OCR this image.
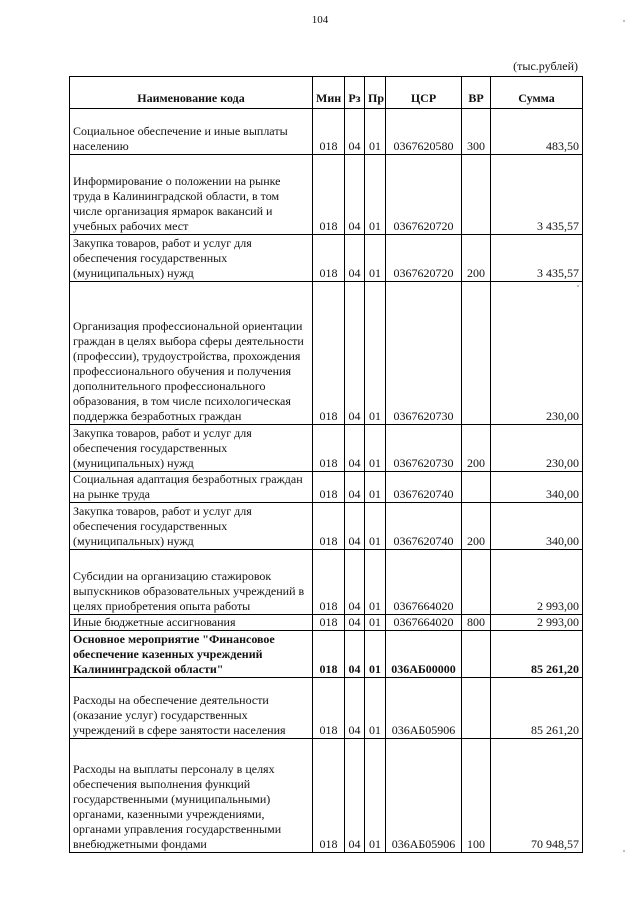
104
(тыс.рублей)
Наименование кода	Мин	Рз	Пр	ЦСР	ВР	Сумма
Социальное обеспечение и иные выплаты населению	018	04	01	0367620580	300	483,50
Информирование о положении на рынке труда в Калининградской области, в том числе организация ярмарок вакансий и учебных рабочих мест	018	04	01	0367620720		3 435,57
Закупка товаров, работ и услуг для обеспечения государственных (муниципальных) нужд	018	04	01	0367620720	200	3 435,57
Организация профессиональной ориентации граждан в целях выбора сферы деятельности (профессии), трудоустройства, прохождения профессионального обучения и получения дополнительного профессионального образования, в том числе психологическая поддержка безработных граждан	018	04	01	0367620730		230,00
Закупка товаров, работ и услуг для обеспечения государственных (муниципальных) нужд	018	04	01	0367620730	200	230,00
Социальная адаптация безработных граждан на рынке труда	018	04	01	0367620740		340,00
Закупка товаров, работ и услуг для обеспечения государственных (муниципальных) нужд	018	04	01	0367620740	200	340,00
Субсидии на организацию стажировок выпускников образовательных учреждений в целях приобретения опыта работы	018	04	01	0367664020		2 993,00
Иные бюджетные ассигнования	018	04	01	0367664020	800	2 993,00
Основное мероприятие "Финансовое обеспечение казенных учреждений Калининградской области"	018	04	01	036АБ00000		85 261,20
Расходы на обеспечение деятельности (оказание услуг) государственных учреждений в сфере занятости населения	018	04	01	036АБ05906		85 261,20
Расходы на выплаты персоналу в целях обеспечения выполнения функций государственными (муниципальными) органами, казенными учреждениями, органами управления государственными внебюджетными фондами	018	04	01	036АБ05906	100	70 948,57
